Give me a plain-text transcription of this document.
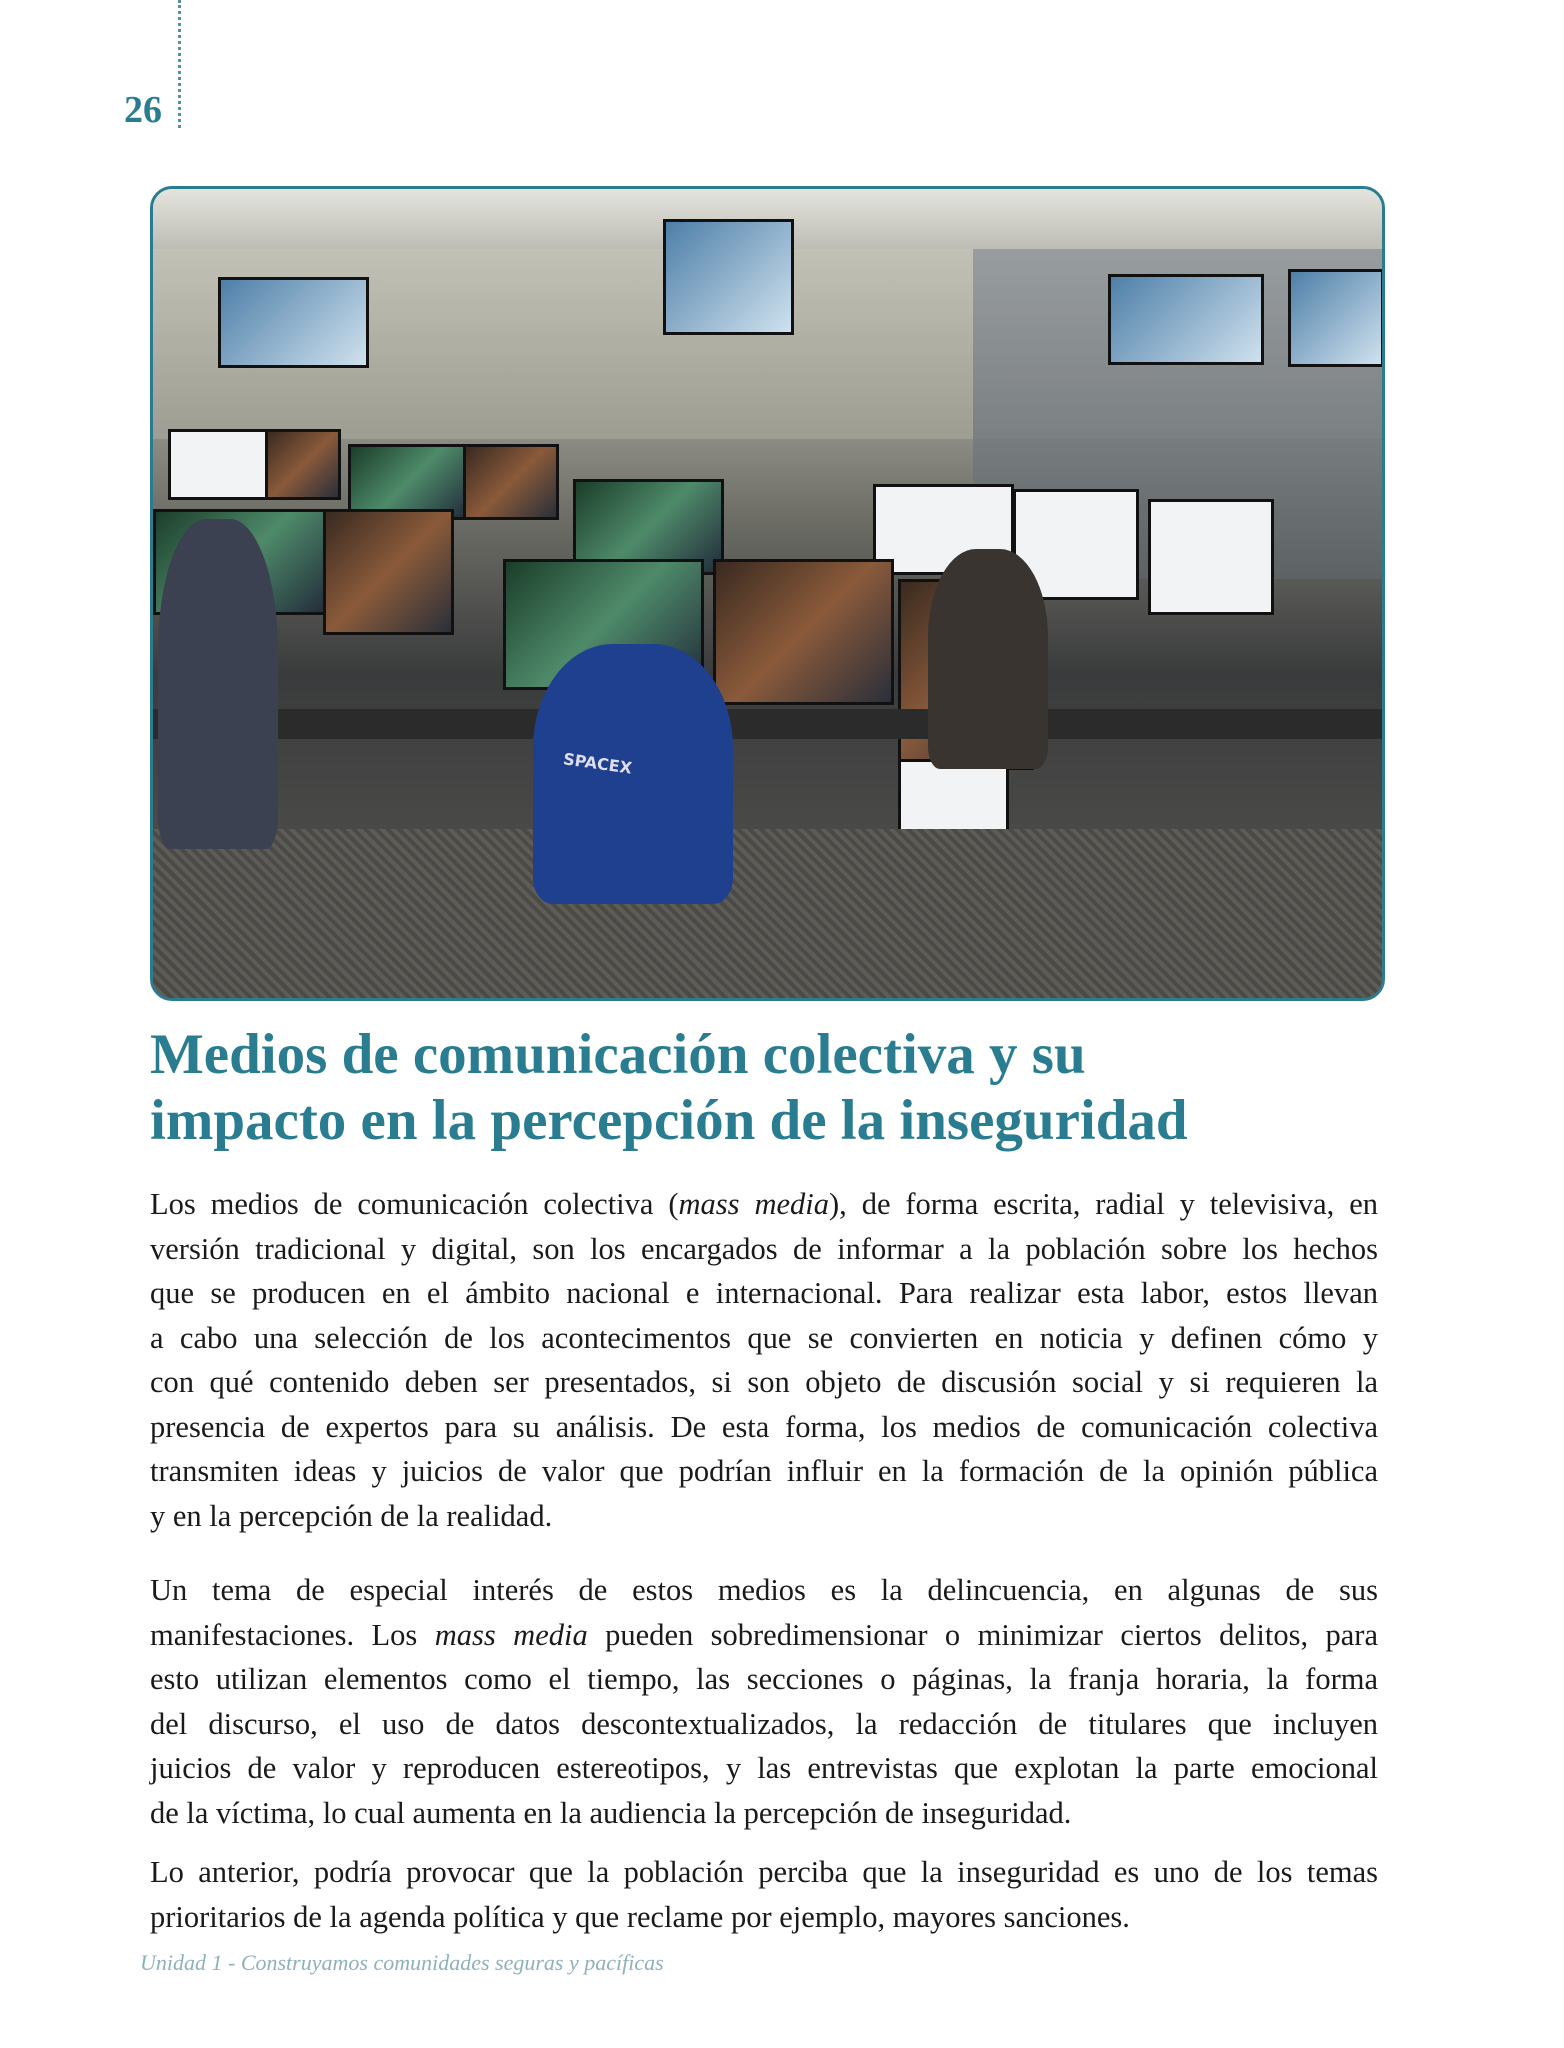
26
SPACEX
Medios de comunicación colectiva y su
impacto en la percepción de la inseguridad
Los medios de comunicación colectiva (mass media), de forma escrita, radial y televisiva, en
versión tradicional y digital, son los encargados de informar a la población sobre los hechos
que se producen en el ámbito nacional e internacional. Para realizar esta labor, estos llevan
a cabo una selección de los acontecimentos que se convierten en noticia y definen cómo y
con qué contenido deben ser presentados, si son objeto de discusión social y si requieren la
presencia de expertos para su análisis. De esta forma, los medios de comunicación colectiva
transmiten ideas y juicios de valor que podrían influir en la formación de la opinión pública
y en la percepción de la realidad.
Un tema de especial interés de estos medios es la delincuencia, en algunas de sus
manifestaciones. Los mass media pueden sobredimensionar o minimizar ciertos delitos, para
esto utilizan elementos como el tiempo, las secciones o páginas, la franja horaria, la forma
del discurso, el uso de datos descontextualizados, la redacción de titulares que incluyen
juicios de valor y reproducen estereotipos, y las entrevistas que explotan la parte emocional
de la víctima, lo cual aumenta en la audiencia la percepción de inseguridad.
Lo anterior, podría provocar que la población perciba que la inseguridad es uno de los temas
prioritarios de la agenda política y que reclame por ejemplo, mayores sanciones.
Unidad 1 - Construyamos comunidades seguras y pacíficas
